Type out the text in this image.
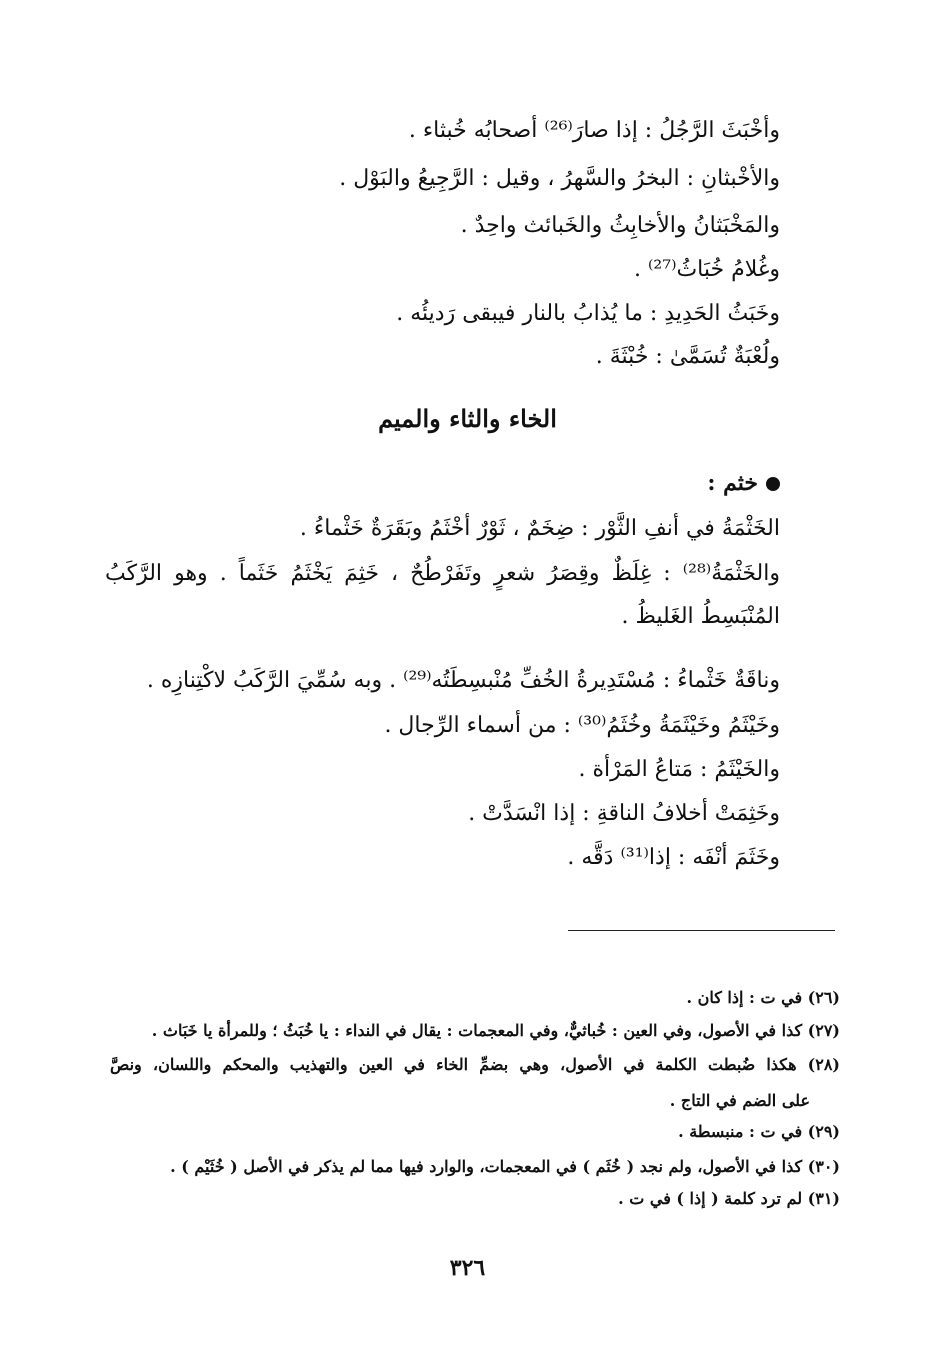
وأخْبَثَ الرَّجُلُ : إذا صارَ⁽²⁶⁾ أصحابُه خُبثاء .
والأخْبثانِ : البخرُ والسَّهرُ ، وقيل : الرَّجِيعُ والبَوْل .
والمَخْبَثانُ والأخابِثُ والخَبائث واحِدٌ .
وغُلامُ خُبَاثُ⁽²⁷⁾ .
وخَبَثُ الحَدِيدِ : ما يُذابُ بالنار فيبقى رَديئُه .
ولُعْبَةٌ تُسَمَّىٰ : خُبْثَةَ .
الخاء والثاء والميم
خثم :
الخَثْمَةُ في أنفِ الثَّوْر : ضِخَمٌ ، ثَوْرٌ أخْثَمُ وبَقَرَةٌ خَثْماءُ .
والخَثْمَةُ⁽²⁸⁾ : غِلَظٌ وقِصَرُ شعرٍ وتَفَرْطُحٌ ، خَثِمَ يَخْثَمُ خَثَماً . وهو الرَّكَبُ
المُنْبَسِطُ الغَليظُ .
وناقَةٌ خَثْماءُ : مُسْتَدِيرةُ الخُفِّ مُنْبسِطَتُه⁽²⁹⁾ . وبه سُمِّيَ الرَّكَبُ لاكْتِنازِه .
وخَيْثَمُ وخَيْثَمَةُ وخُثَمُ⁽³⁰⁾ : من أسماء الرِّجال .
والخَيْثَمُ : مَتاعُ المَرْأة .
وخَثِمَتْ أخلافُ الناقةِ : إذا انْسَدَّتْ .
وخَثَمَ أنْفَه : إذا⁽³¹⁾ دَقَّه .
(٢٦) في ت : إذا كان .
(٢٧) كذا في الأصول، وفي العين : خُباثيٌّ، وفي المعجمات : يقال في النداء : يا خُبَثُ ؛ وللمرأة يا خَبَاث .
(٢٨) هكذا ضُبطت الكلمة في الأصول، وهي بضمِّ الخاء في العين والتهذيب والمحكم واللسان، ونصَّ
على الضم في التاج .
(٢٩) في ت : منبسطة .
(٣٠) كذا في الأصول، ولم نجد ( خُثَم ) في المعجمات، والوارد فيها مما لم يذكر في الأصل ( خُثَيْم ) .
(٣١) لم ترد كلمة ( إذا ) في ت .
٣٢٦
